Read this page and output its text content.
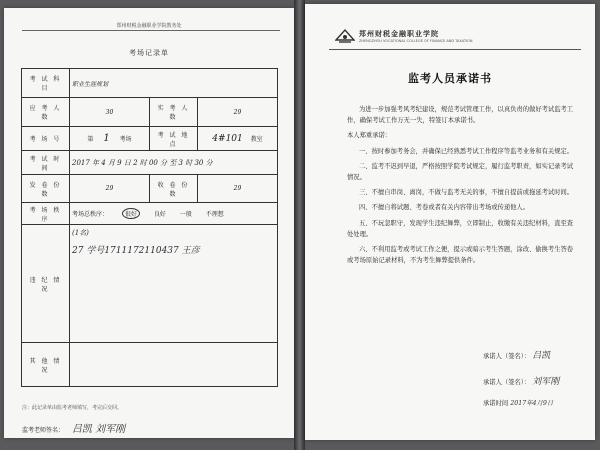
郑州财税金融职业学院教务处
考场记录单
考 试 科 目	职业生涯规划		
应 考 人 数	30	实 考 人 数	29
考 场 号	第 1 考场	考 试 地 点	4#101 教室
考 试 时 间	2017 年 4 月 9 日 2 时 00 分 至 3 时 30 分		
发 卷 份 数	29	收 卷 份 数	29
考 场 秩 序	考场总秩序： 很好 良好 一般 不理想		
违 纪 情 况	(1名)
27 学号1711172110437 王彦		

其 他 情 况			
注：此记录单由监考老师填写，考完后交回。
监考老师签名： 吕凯 刘军刚
郑州财税金融职业学院
ZHENGZHOU VOCATIONAL COLLEGE OF FINANCE AND TAXATION
监考人员承诺书

为进一步加强考风考纪建设，规范考试管理工作，以真负责的做好考试监考工作，确保考试工作万无一失，特签订本承诺书。

本人郑重承诺：

一、按时参加考务会，并确保已经熟悉考试工作程序等监考业务和有关规定。

二、监考不迟到早退，严格按照学院考试规定，履行监考职责，如实记录考试情况。

三、不擅自串岗、离岗，不做与监考无关的事，不擅自提前或拖延考试时间。

四、不擅自将试题、考卷或者有关内容带出考场或传递他人。

五、不玩忽职守，发现学生违纪舞弊，立即制止，收缴有关违纪材料，直至查处处理。

六、不利用监考或考试工作之便，提示或暗示考生答题，涂改、偷换考生答卷或考场原始记录材料，不为考生舞弊提供条件。

承诺人（签名）： 吕凯
承诺人（签名）： 刘军刚
承诺时间 2017年4月9日
